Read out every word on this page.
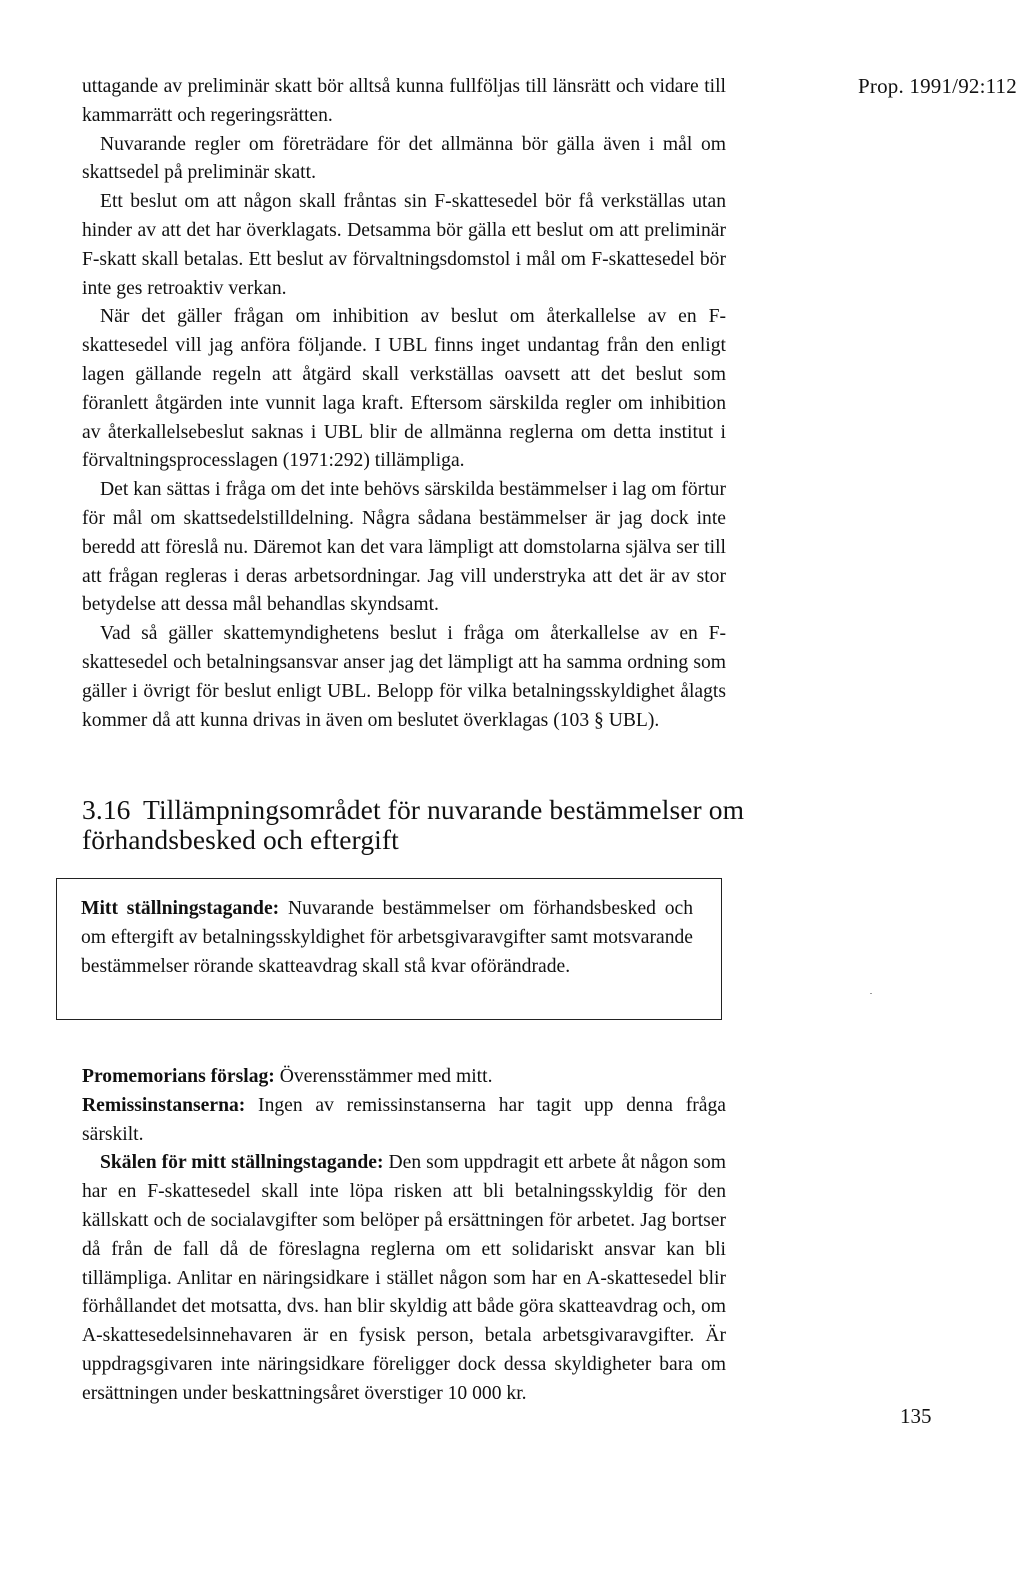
Prop. 1991/92:112

uttagande av preliminär skatt bör alltså kunna fullföljas till länsrätt och vidare till kammarrätt och regeringsrätten.

Nuvarande regler om företrädare för det allmänna bör gälla även i mål om skattsedel på preliminär skatt.

Ett beslut om att någon skall fråntas sin F-skattesedel bör få verkställas utan hinder av att det har överklagats. Detsamma bör gälla ett beslut om att preliminär F-skatt skall betalas. Ett beslut av förvaltningsdomstol i mål om F-skattesedel bör inte ges retroaktiv verkan.

När det gäller frågan om inhibition av beslut om återkallelse av en F-skattesedel vill jag anföra följande. I UBL finns inget undantag från den enligt lagen gällande regeln att åtgärd skall verkställas oavsett att det beslut som föranlett åtgärden inte vunnit laga kraft. Eftersom särskilda regler om inhibition av återkallelsebeslut saknas i UBL blir de allmänna reglerna om detta institut i förvaltningsprocesslagen (1971:292) tillämpliga.

Det kan sättas i fråga om det inte behövs särskilda bestämmelser i lag om förtur för mål om skattsedelstilldelning. Några sådana bestämmelser är jag dock inte beredd att föreslå nu. Däremot kan det vara lämpligt att domstolarna själva ser till att frågan regleras i deras arbetsordningar. Jag vill understryka att det är av stor betydelse att dessa mål behandlas skyndsamt.

Vad så gäller skattemyndighetens beslut i fråga om återkallelse av en F-skattesedel och betalningsansvar anser jag det lämpligt att ha samma ordning som gäller i övrigt för beslut enligt UBL. Belopp för vilka betalningsskyldighet ålagts kommer då att kunna drivas in även om beslutet överklagas (103 § UBL).

3.16 Tillämpningsområdet för nuvarande bestämmelser om förhandsbesked och eftergift

Mitt ställningstagande: Nuvarande bestämmelser om förhandsbesked och om eftergift av betalningsskyldighet för arbetsgivaravgifter samt motsvarande bestämmelser rörande skatteavdrag skall stå kvar oförändrade.

Promemorians förslag: Överensstämmer med mitt.

Remissinstanserna: Ingen av remissinstanserna har tagit upp denna fråga särskilt.

Skälen för mitt ställningstagande: Den som uppdragit ett arbete åt någon som har en F-skattesedel skall inte löpa risken att bli betalningsskyldig för den källskatt och de socialavgifter som belöper på ersättningen för arbetet. Jag bortser då från de fall då de föreslagna reglerna om ett solidariskt ansvar kan bli tillämpliga. Anlitar en näringsidkare i stället någon som har en A-skattesedel blir förhållandet det motsatta, dvs. han blir skyldig att både göra skatteavdrag och, om A-skattesedelsinnehavaren är en fysisk person, betala arbetsgivaravgifter. Är uppdragsgivaren inte näringsidkare föreligger dock dessa skyldigheter bara om ersättningen under beskattningsåret överstiger 10 000 kr.

135
